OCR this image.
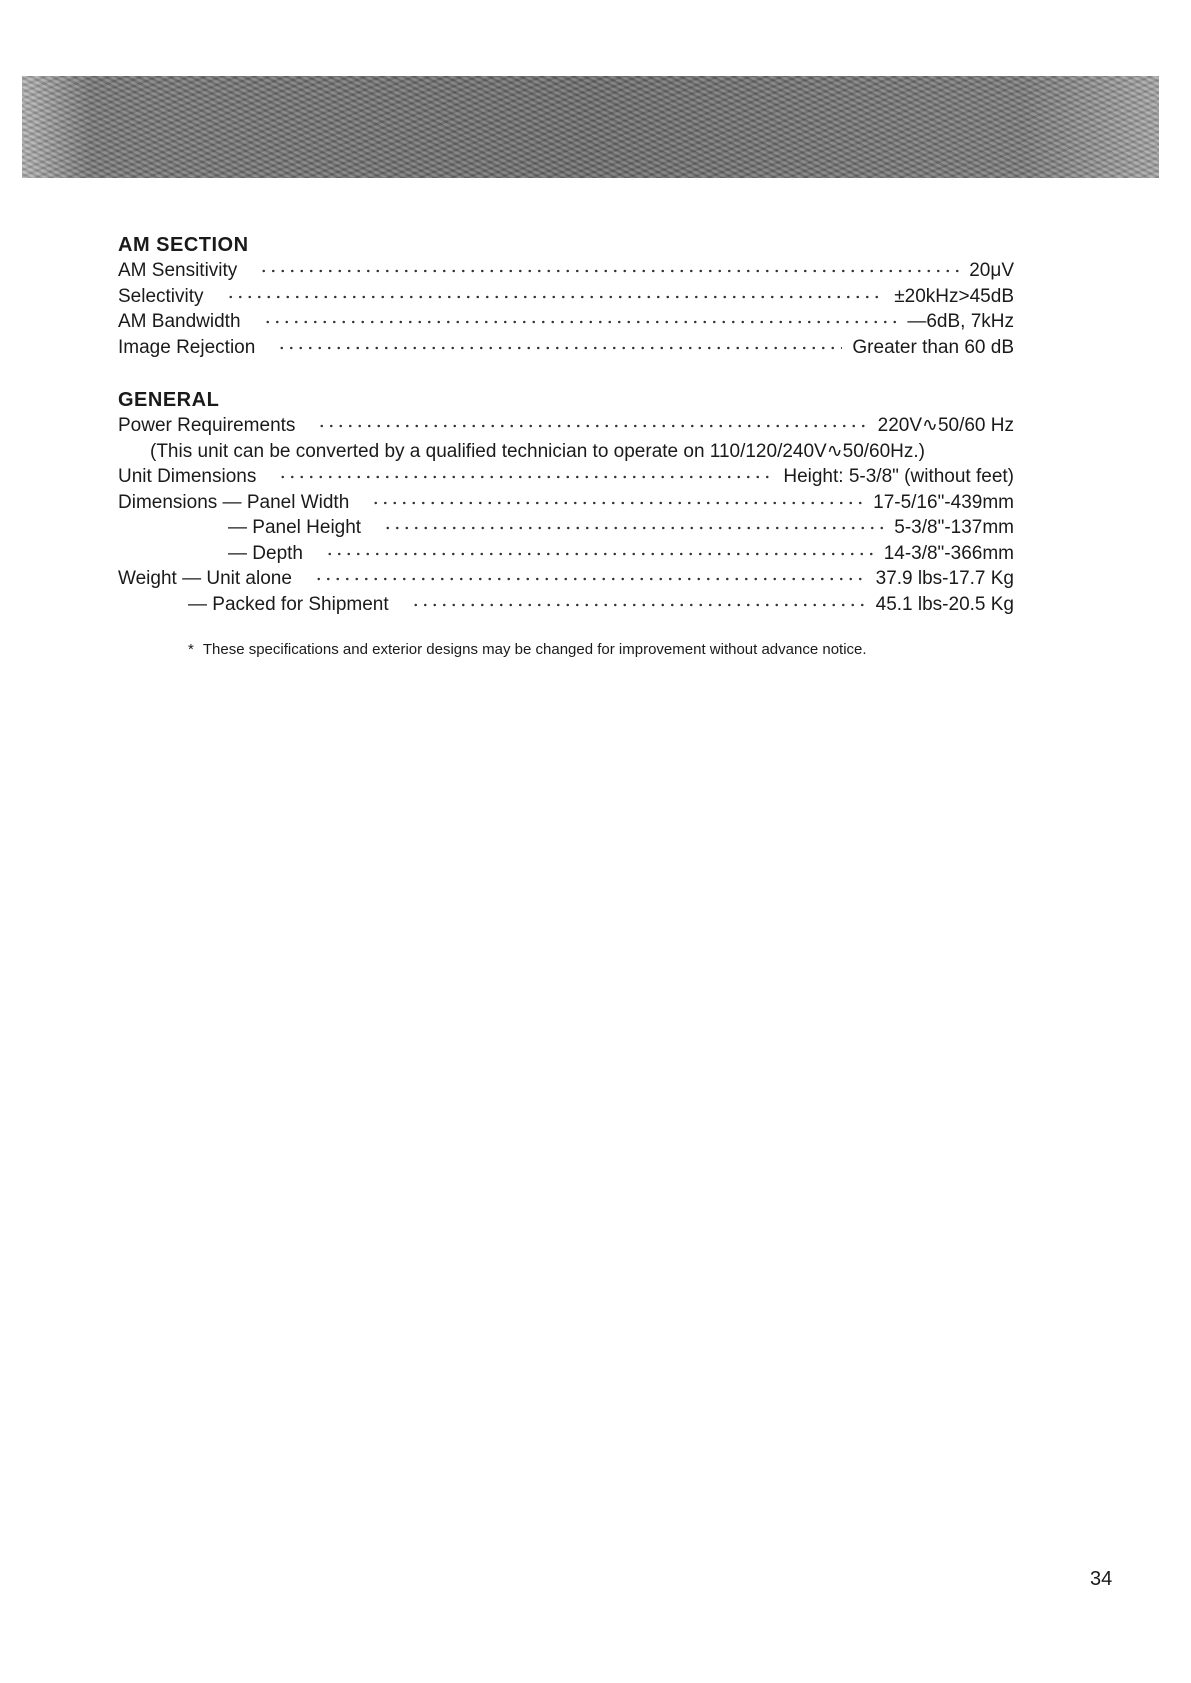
AM SECTION
AM Sensitivity	20μV
Selectivity	±20kHz>45dB
AM Bandwidth	—6dB, 7kHz
Image Rejection	Greater than 60 dB
GENERAL
Power Requirements	220V∿50/60 Hz
(This unit can be converted by a qualified technician to operate on 110/120/240V∿50/60Hz.)
Unit Dimensions	Height: 5-3/8" (without feet)
Dimensions — Panel Width	17-5/16"-439mm
— Panel Height	5-3/8"-137mm
— Depth	14-3/8"-366mm
Weight — Unit alone	37.9 lbs-17.7 Kg
— Packed for Shipment	45.1 lbs-20.5 Kg
* These specifications and exterior designs may be changed for improvement without advance notice.
34
